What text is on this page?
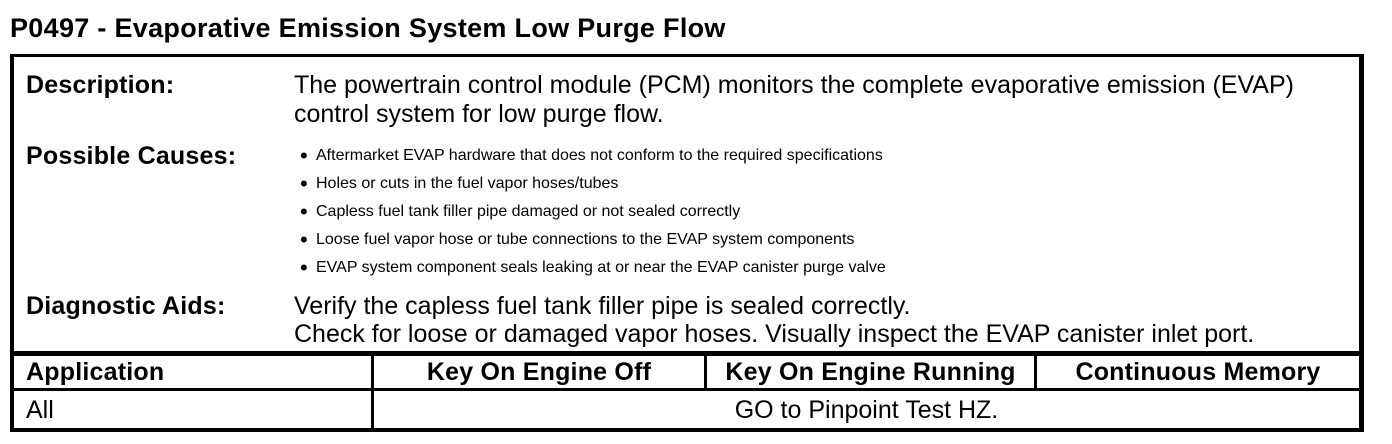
P0497 - Evaporative Emission System Low Purge Flow
Description:	The powertrain control module (PCM) monitors the complete evaporative emission (EVAP)
control system for low purge flow.
Possible Causes:	• Aftermarket EVAP hardware that does not conform to the required specifications
• Holes or cuts in the fuel vapor hoses/tubes
• Capless fuel tank filler pipe damaged or not sealed correctly
• Loose fuel vapor hose or tube connections to the EVAP system components
• EVAP system component seals leaking at or near the EVAP canister purge valve
Diagnostic Aids:	Verify the capless fuel tank filler pipe is sealed correctly.
Check for loose or damaged vapor hoses. Visually inspect the EVAP canister inlet port.
Application	Key On Engine Off	Key On Engine Running	Continuous Memory
All	GO to Pinpoint Test HZ.
